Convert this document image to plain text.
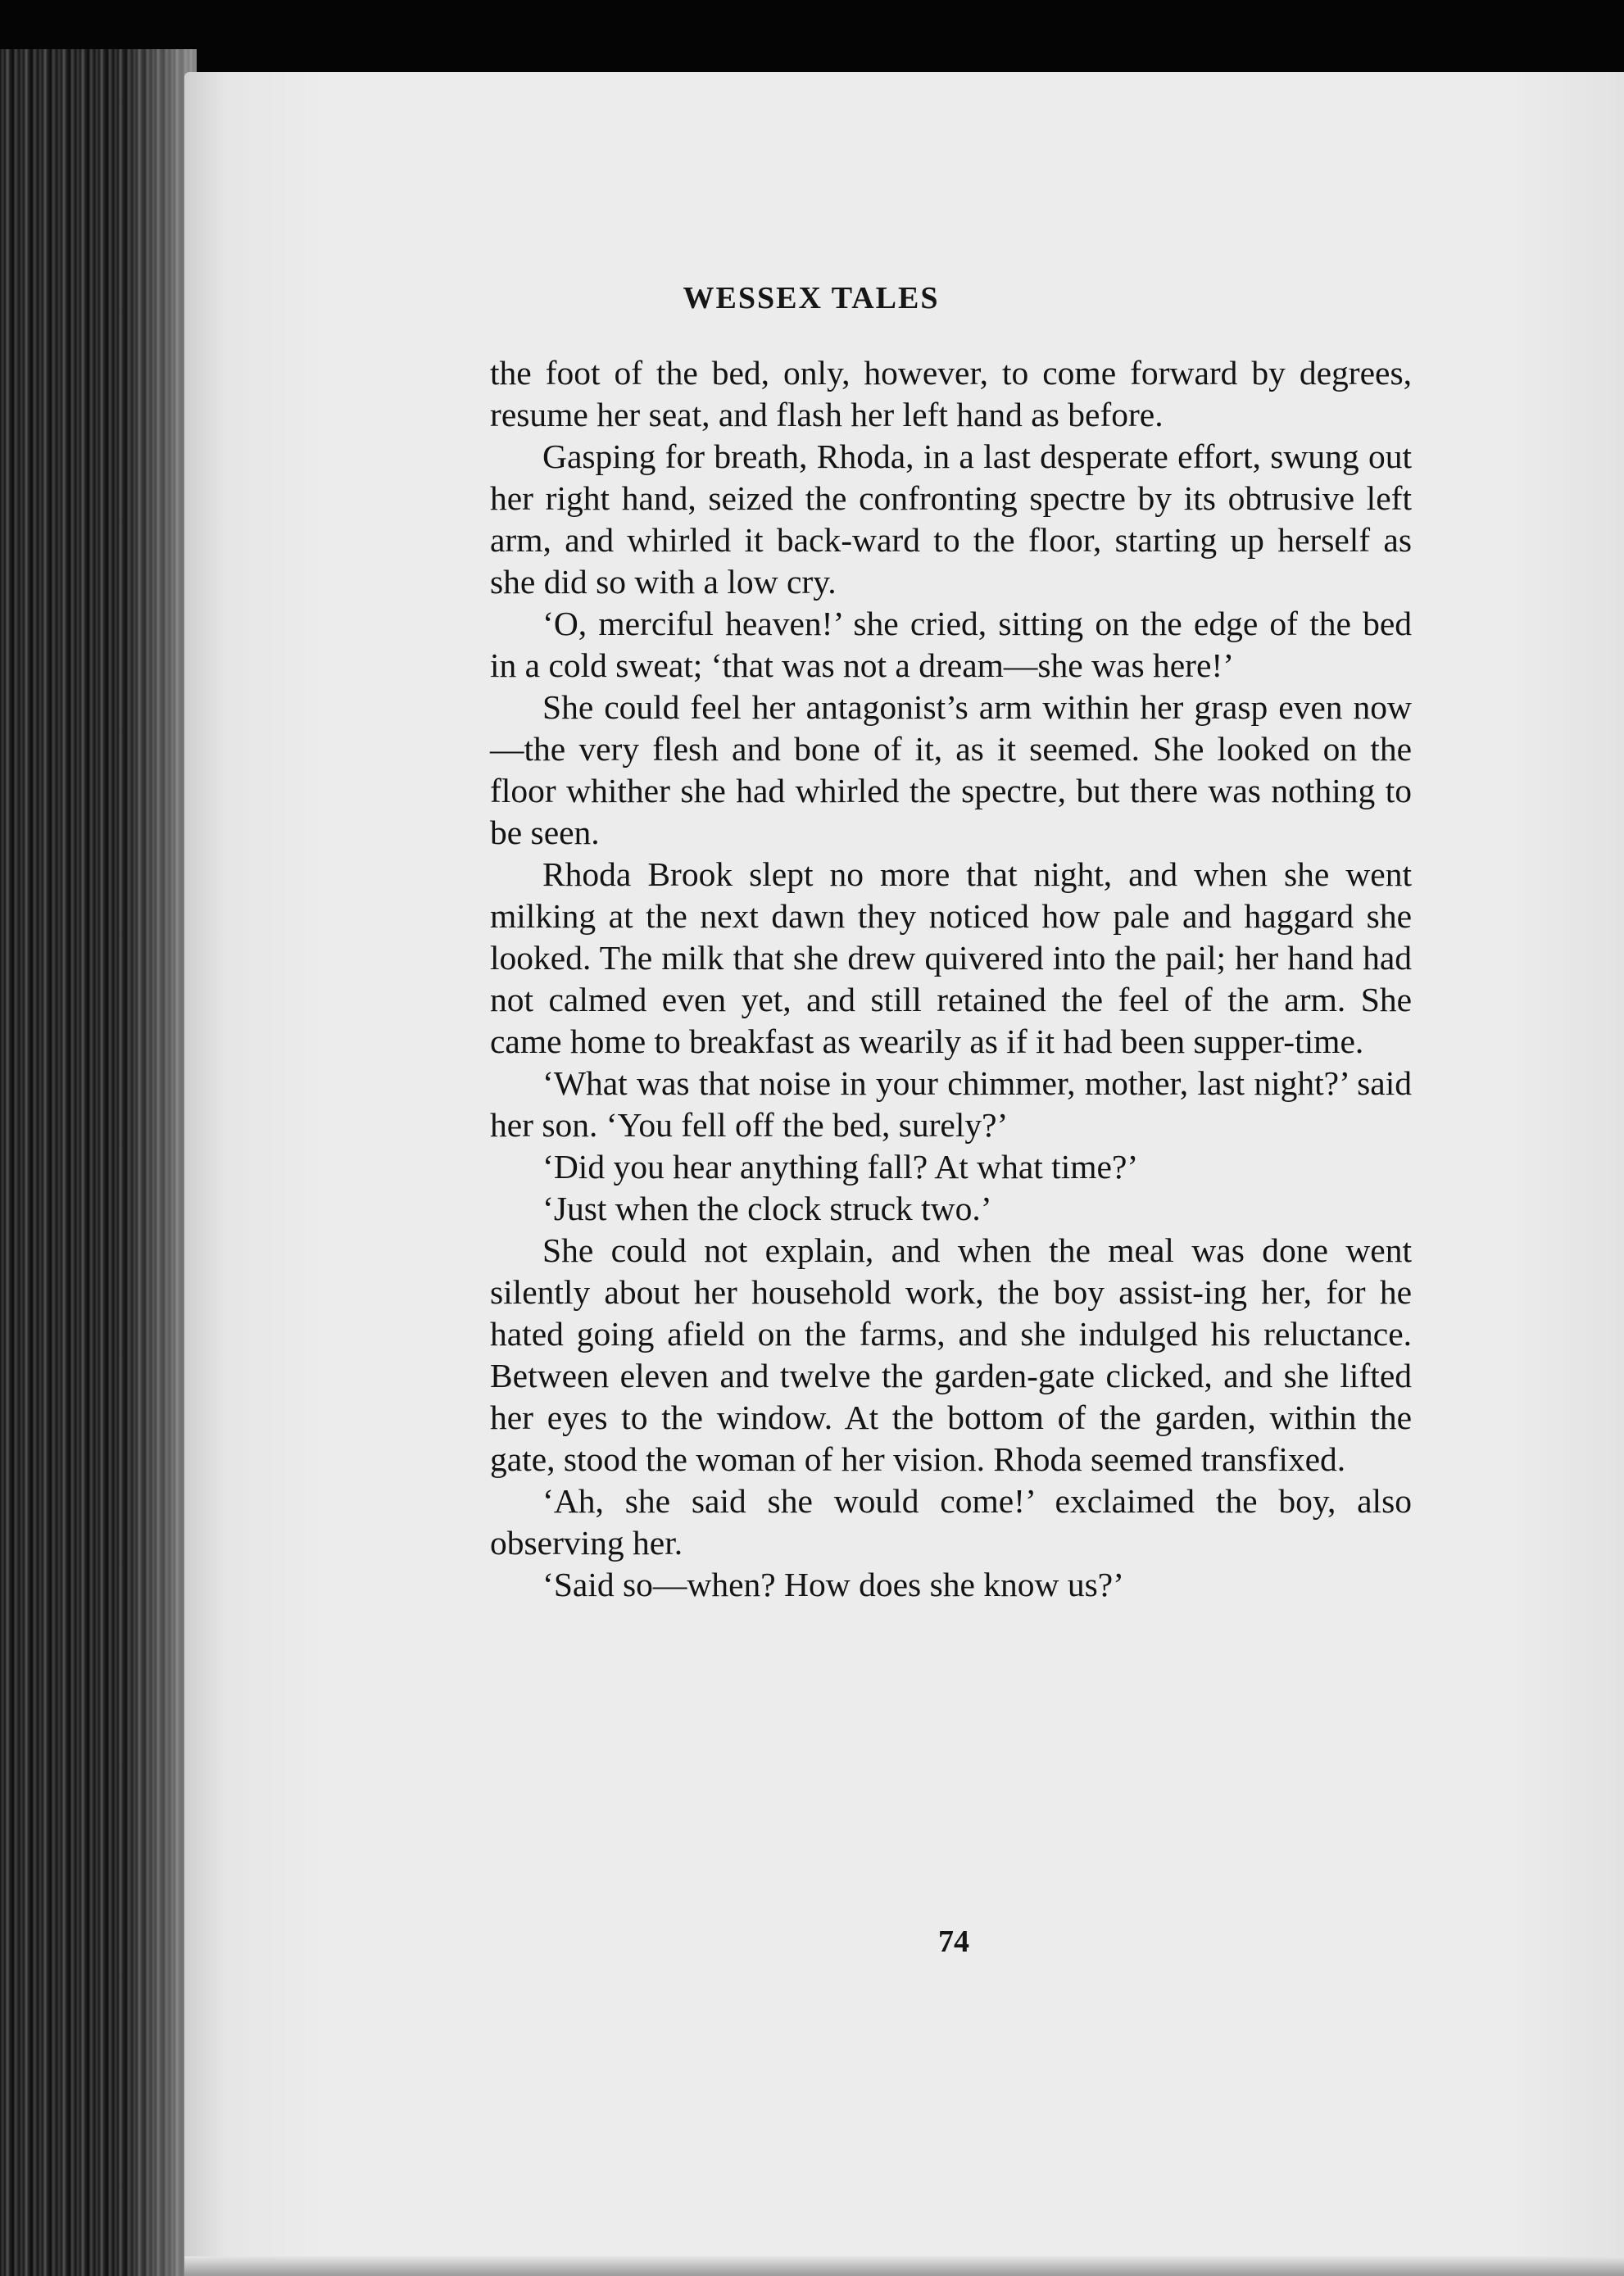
WESSEX TALES

the foot of the bed, only, however, to come forward by degrees, resume her seat, and flash her left hand as before.

Gasping for breath, Rhoda, in a last desperate effort, swung out her right hand, seized the confronting spectre by its obtrusive left arm, and whirled it back-ward to the floor, starting up herself as she did so with a low cry.

‘O, merciful heaven!’ she cried, sitting on the edge of the bed in a cold sweat; ‘that was not a dream—she was here!’

She could feel her antagonist’s arm within her grasp even now—the very flesh and bone of it, as it seemed. She looked on the floor whither she had whirled the spectre, but there was nothing to be seen.

Rhoda Brook slept no more that night, and when she went milking at the next dawn they noticed how pale and haggard she looked. The milk that she drew quivered into the pail; her hand had not calmed even yet, and still retained the feel of the arm. She came home to breakfast as wearily as if it had been supper-time.

‘What was that noise in your chimmer, mother, last night?’ said her son. ‘You fell off the bed, surely?’

‘Did you hear anything fall? At what time?’

‘Just when the clock struck two.’

She could not explain, and when the meal was done went silently about her household work, the boy assist-ing her, for he hated going afield on the farms, and she indulged his reluctance. Between eleven and twelve the garden-gate clicked, and she lifted her eyes to the window. At the bottom of the garden, within the gate, stood the woman of her vision. Rhoda seemed transfixed.

‘Ah, she said she would come!’ exclaimed the boy, also observing her.

‘Said so—when? How does she know us?’

74
